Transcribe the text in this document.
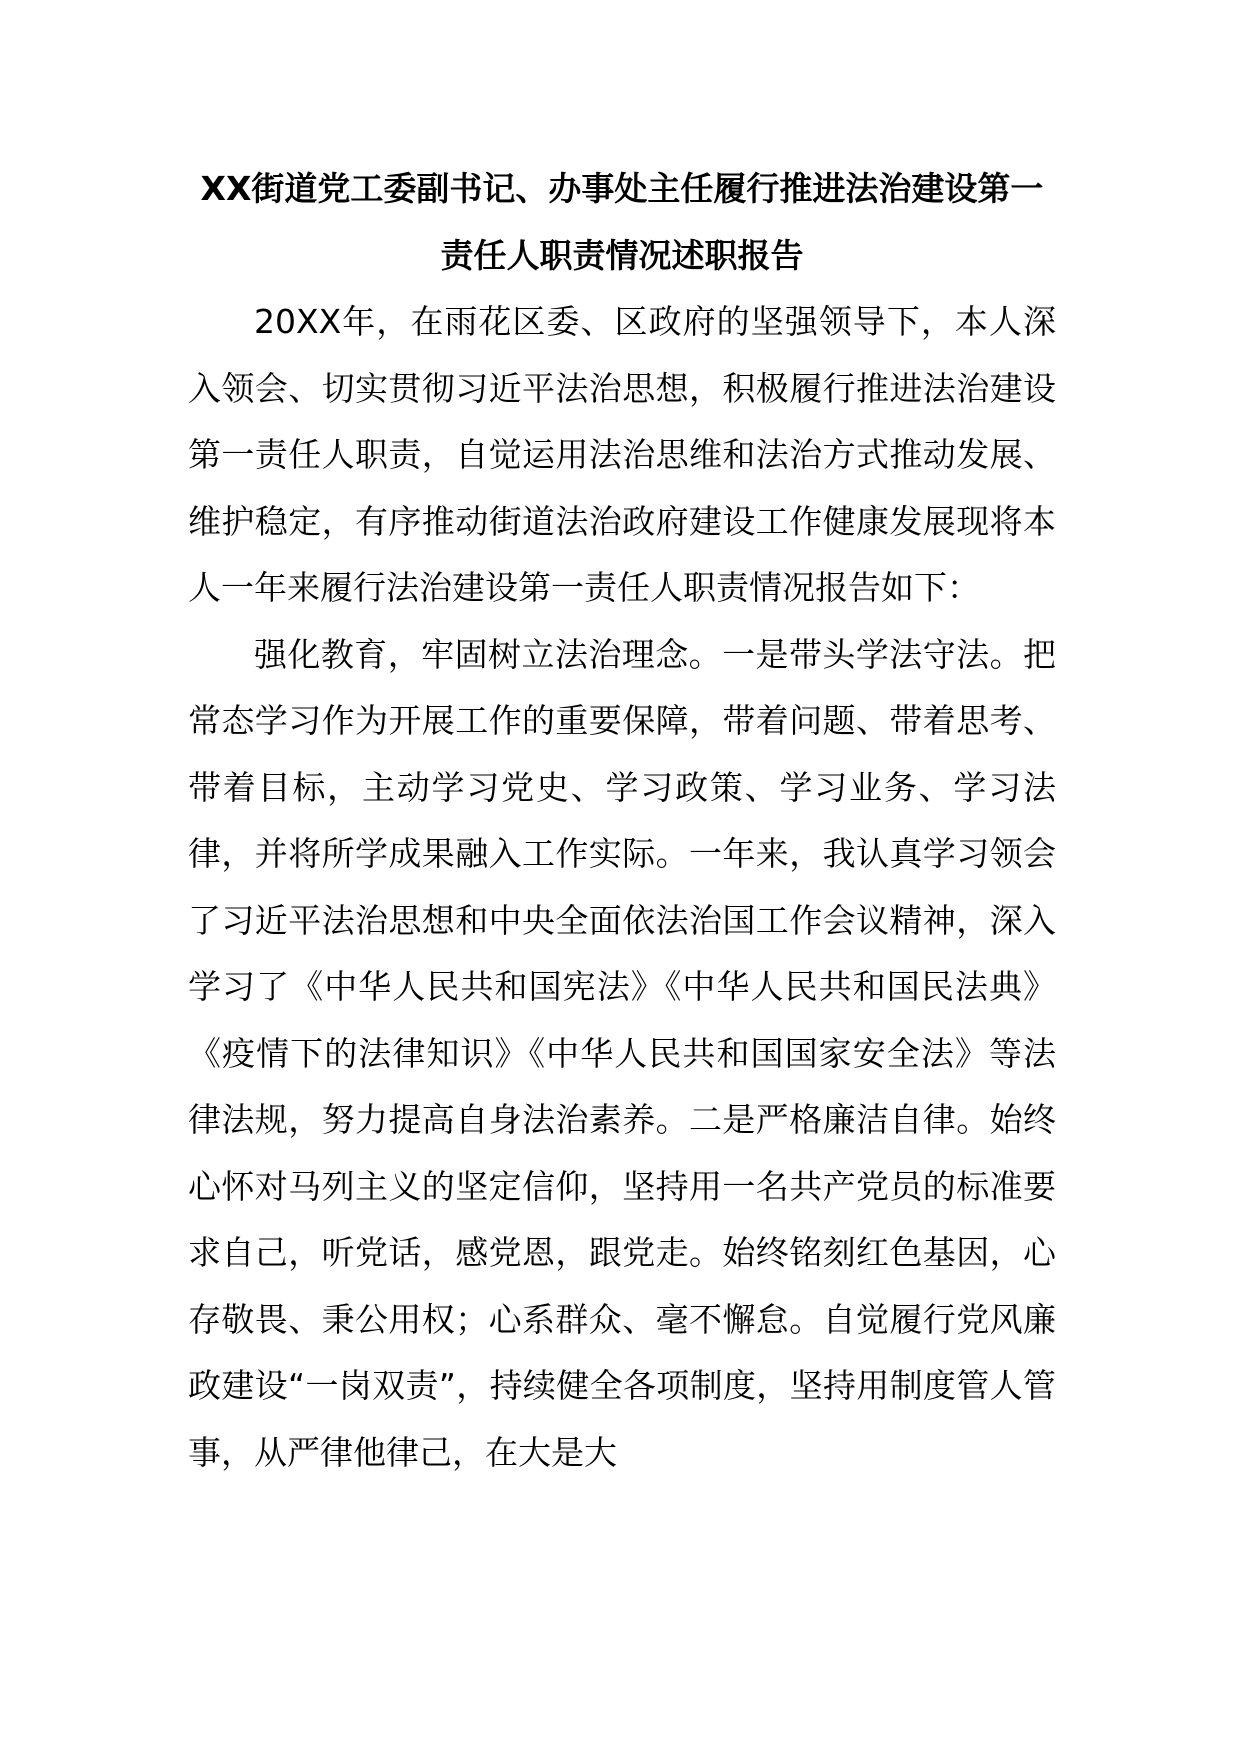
XX街道党工委副书记、办事处主任履行推进法治建设第一责任人职责情况述职报告

20XX年，在雨花区委、区政府的坚强领导下，本人深入领会、切实贯彻习近平法治思想，积极履行推进法治建设第一责任人职责，自觉运用法治思维和法治方式推动发展、维护稳定，有序推动街道法治政府建设工作健康发展现将本人一年来履行法治建设第一责任人职责情况报告如下：

强化教育，牢固树立法治理念。一是带头学法守法。把常态学习作为开展工作的重要保障，带着问题、带着思考、带着目标，主动学习党史、学习政策、学习业务、学习法律，并将所学成果融入工作实际。一年来，我认真学习领会了习近平法治思想和中央全面依法治国工作会议精神，深入学习了《中华人民共和国宪法》《中华人民共和国民法典》《疫情下的法律知识》《中华人民共和国国家安全法》等法律法规，努力提高自身法治素养。二是严格廉洁自律。始终心怀对马列主义的坚定信仰，坚持用一名共产党员的标准要求自己，听党话，感党恩，跟党走。始终铭刻红色基因，心存敬畏、秉公用权；心系群众、毫不懈怠。自觉履行党风廉政建设“一岗双责”，持续健全各项制度，坚持用制度管人管事，从严律他律己，在大是大
